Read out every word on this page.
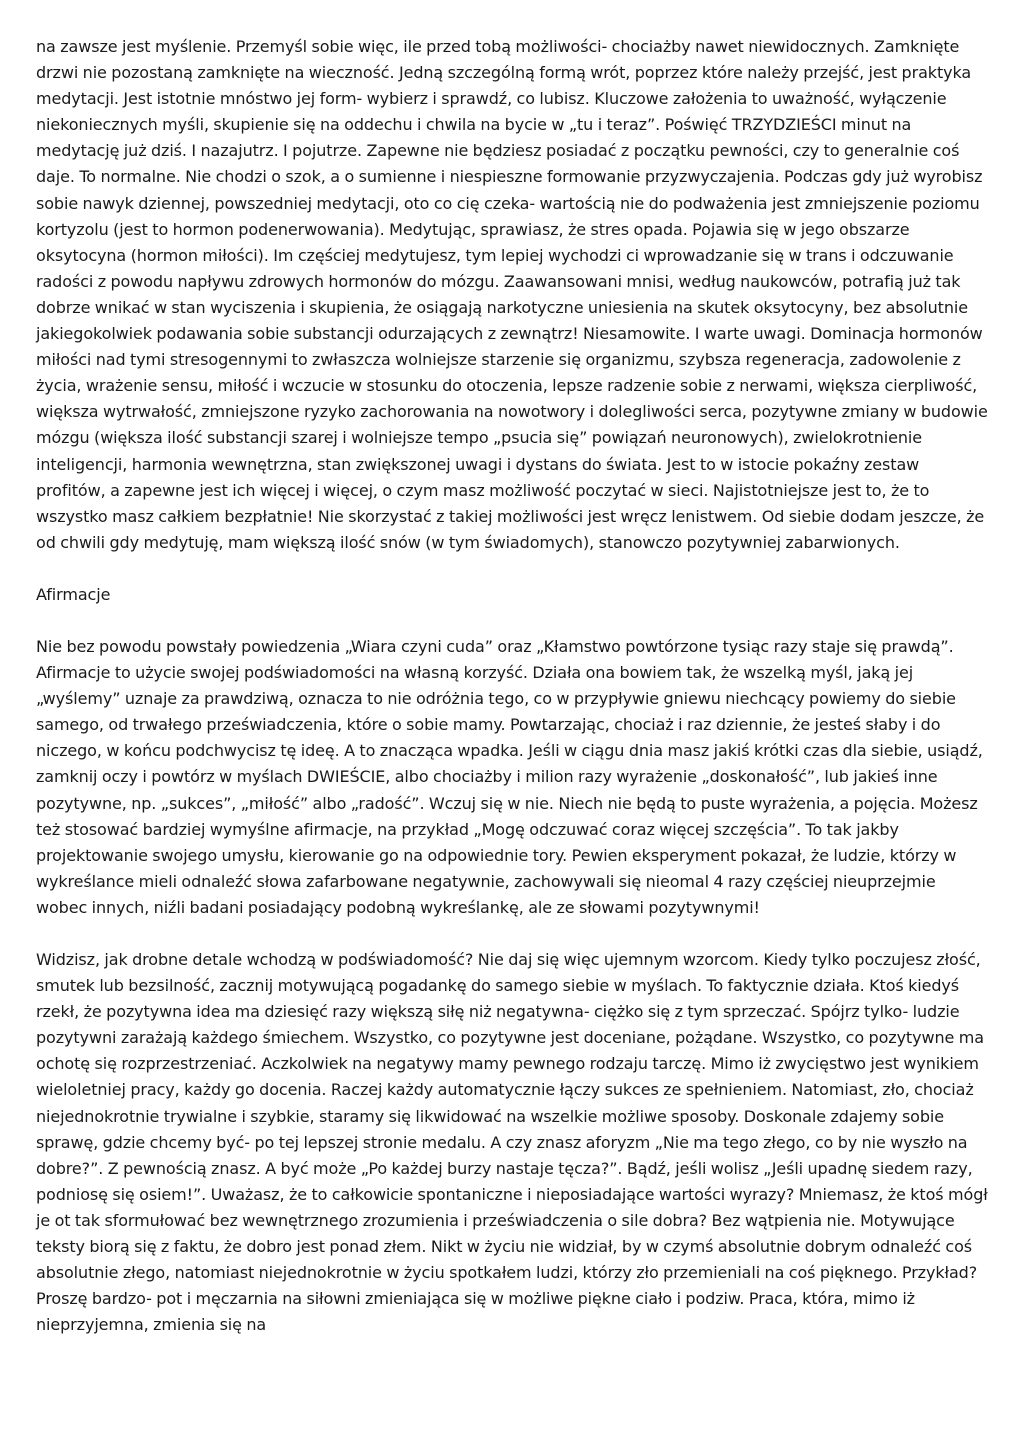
na zawsze jest myślenie. Przemyśl sobie więc, ile przed tobą możliwości- chociażby nawet niewidocznych. Zamknięte drzwi nie pozostaną zamknięte na wieczność. Jedną szczególną formą wrót, poprzez które należy przejść, jest praktyka medytacji. Jest istotnie mnóstwo jej form- wybierz i sprawdź, co lubisz. Kluczowe założenia to uważność, wyłączenie niekoniecznych myśli, skupienie się na oddechu i chwila na bycie w „tu i teraz”. Poświęć TRZYDZIEŚCI minut na medytację już dziś. I nazajutrz. I pojutrze. Zapewne nie będziesz posiadać z początku pewności, czy to generalnie coś daje. To normalne. Nie chodzi o szok, a o sumienne i niespieszne formowanie przyzwyczajenia. Podczas gdy już wyrobisz sobie nawyk dziennej, powszedniej medytacji, oto co cię czeka- wartością nie do podważenia jest zmniejszenie poziomu kortyzolu (jest to hormon podenerwowania). Medytując, sprawiasz, że stres opada. Pojawia się w jego obszarze oksytocyna (hormon miłości). Im częściej medytujesz, tym lepiej wychodzi ci wprowadzanie się w trans i odczuwanie radości z powodu napływu zdrowych hormonów do mózgu. Zaawansowani mnisi, według naukowców, potrafią już tak dobrze wnikać w stan wyciszenia i skupienia, że osiągają narkotyczne uniesienia na skutek oksytocyny, bez absolutnie jakiegokolwiek podawania sobie substancji odurzających z zewnątrz! Niesamowite. I warte uwagi. Dominacja hormonów miłości nad tymi stresogennymi to zwłaszcza wolniejsze starzenie się organizmu, szybsza regeneracja, zadowolenie z życia, wrażenie sensu, miłość i wczucie w stosunku do otoczenia, lepsze radzenie sobie z nerwami, większa cierpliwość, większa wytrwałość, zmniejszone ryzyko zachorowania na nowotwory i dolegliwości serca, pozytywne zmiany w budowie mózgu (większa ilość substancji szarej i wolniejsze tempo „psucia się” powiązań neuronowych), zwielokrotnienie inteligencji, harmonia wewnętrzna, stan zwiększonej uwagi i dystans do świata. Jest to w istocie pokaźny zestaw profitów, a zapewne jest ich więcej i więcej, o czym masz możliwość poczytać w sieci. Najistotniejsze jest to, że to wszystko masz całkiem bezpłatnie! Nie skorzystać z takiej możliwości jest wręcz lenistwem. Od siebie dodam jeszcze, że od chwili gdy medytuję, mam większą ilość snów (w tym świadomych), stanowczo pozytywniej zabarwionych.

Afirmacje

Nie bez powodu powstały powiedzenia „Wiara czyni cuda” oraz „Kłamstwo powtórzone tysiąc razy staje się prawdą”. Afirmacje to użycie swojej podświadomości na własną korzyść. Działa ona bowiem tak, że wszelką myśl, jaką jej „wyślemy” uznaje za prawdziwą, oznacza to nie odróżnia tego, co w przypływie gniewu niechcący powiemy do siebie samego, od trwałego przeświadczenia, które o sobie mamy. Powtarzając, chociaż i raz dziennie, że jesteś słaby i do niczego, w końcu podchwycisz tę ideę. A to znacząca wpadka. Jeśli w ciągu dnia masz jakiś krótki czas dla siebie, usiądź, zamknij oczy i powtórz w myślach DWIEŚCIE, albo chociażby i milion razy wyrażenie „doskonałość”, lub jakieś inne pozytywne, np. „sukces”, „miłość” albo „radość”. Wczuj się w nie. Niech nie będą to puste wyrażenia, a pojęcia. Możesz też stosować bardziej wymyślne afirmacje, na przykład „Mogę odczuwać coraz więcej szczęścia”. To tak jakby projektowanie swojego umysłu, kierowanie go na odpowiednie tory. Pewien eksperyment pokazał, że ludzie, którzy w wykreślance mieli odnaleźć słowa zafarbowane negatywnie, zachowywali się nieomal 4 razy częściej nieuprzejmie wobec innych, niźli badani posiadający podobną wykreślankę, ale ze słowami pozytywnymi!

Widzisz, jak drobne detale wchodzą w podświadomość? Nie daj się więc ujemnym wzorcom. Kiedy tylko poczujesz złość, smutek lub bezsilność, zacznij motywującą pogadankę do samego siebie w myślach. To faktycznie działa. Ktoś kiedyś rzekł, że pozytywna idea ma dziesięć razy większą siłę niż negatywna- ciężko się z tym sprzeczać. Spójrz tylko- ludzie pozytywni zarażają każdego śmiechem. Wszystko, co pozytywne jest doceniane, pożądane. Wszystko, co pozytywne ma ochotę się rozprzestrzeniać. Aczkolwiek na negatywy mamy pewnego rodzaju tarczę. Mimo iż zwycięstwo jest wynikiem wieloletniej pracy, każdy go docenia. Raczej każdy automatycznie łączy sukces ze spełnieniem. Natomiast, zło, chociaż niejednokrotnie trywialne i szybkie, staramy się likwidować na wszelkie możliwe sposoby. Doskonale zdajemy sobie sprawę, gdzie chcemy być- po tej lepszej stronie medalu. A czy znasz aforyzm „Nie ma tego złego, co by nie wyszło na dobre?”. Z pewnością znasz. A być może „Po każdej burzy nastaje tęcza?”. Bądź, jeśli wolisz „Jeśli upadnę siedem razy, podniosę się osiem!”. Uważasz, że to całkowicie spontaniczne i nieposiadające wartości wyrazy? Mniemasz, że ktoś mógł je ot tak sformułować bez wewnętrznego zrozumienia i przeświadczenia o sile dobra? Bez wątpienia nie. Motywujące teksty biorą się z faktu, że dobro jest ponad złem. Nikt w życiu nie widział, by w czymś absolutnie dobrym odnaleźć coś absolutnie złego, natomiast niejednokrotnie w życiu spotkałem ludzi, którzy zło przemieniali na coś pięknego. Przykład? Proszę bardzo- pot i męczarnia na siłowni zmieniająca się w możliwe piękne ciało i podziw. Praca, która, mimo iż nieprzyjemna, zmienia się na
